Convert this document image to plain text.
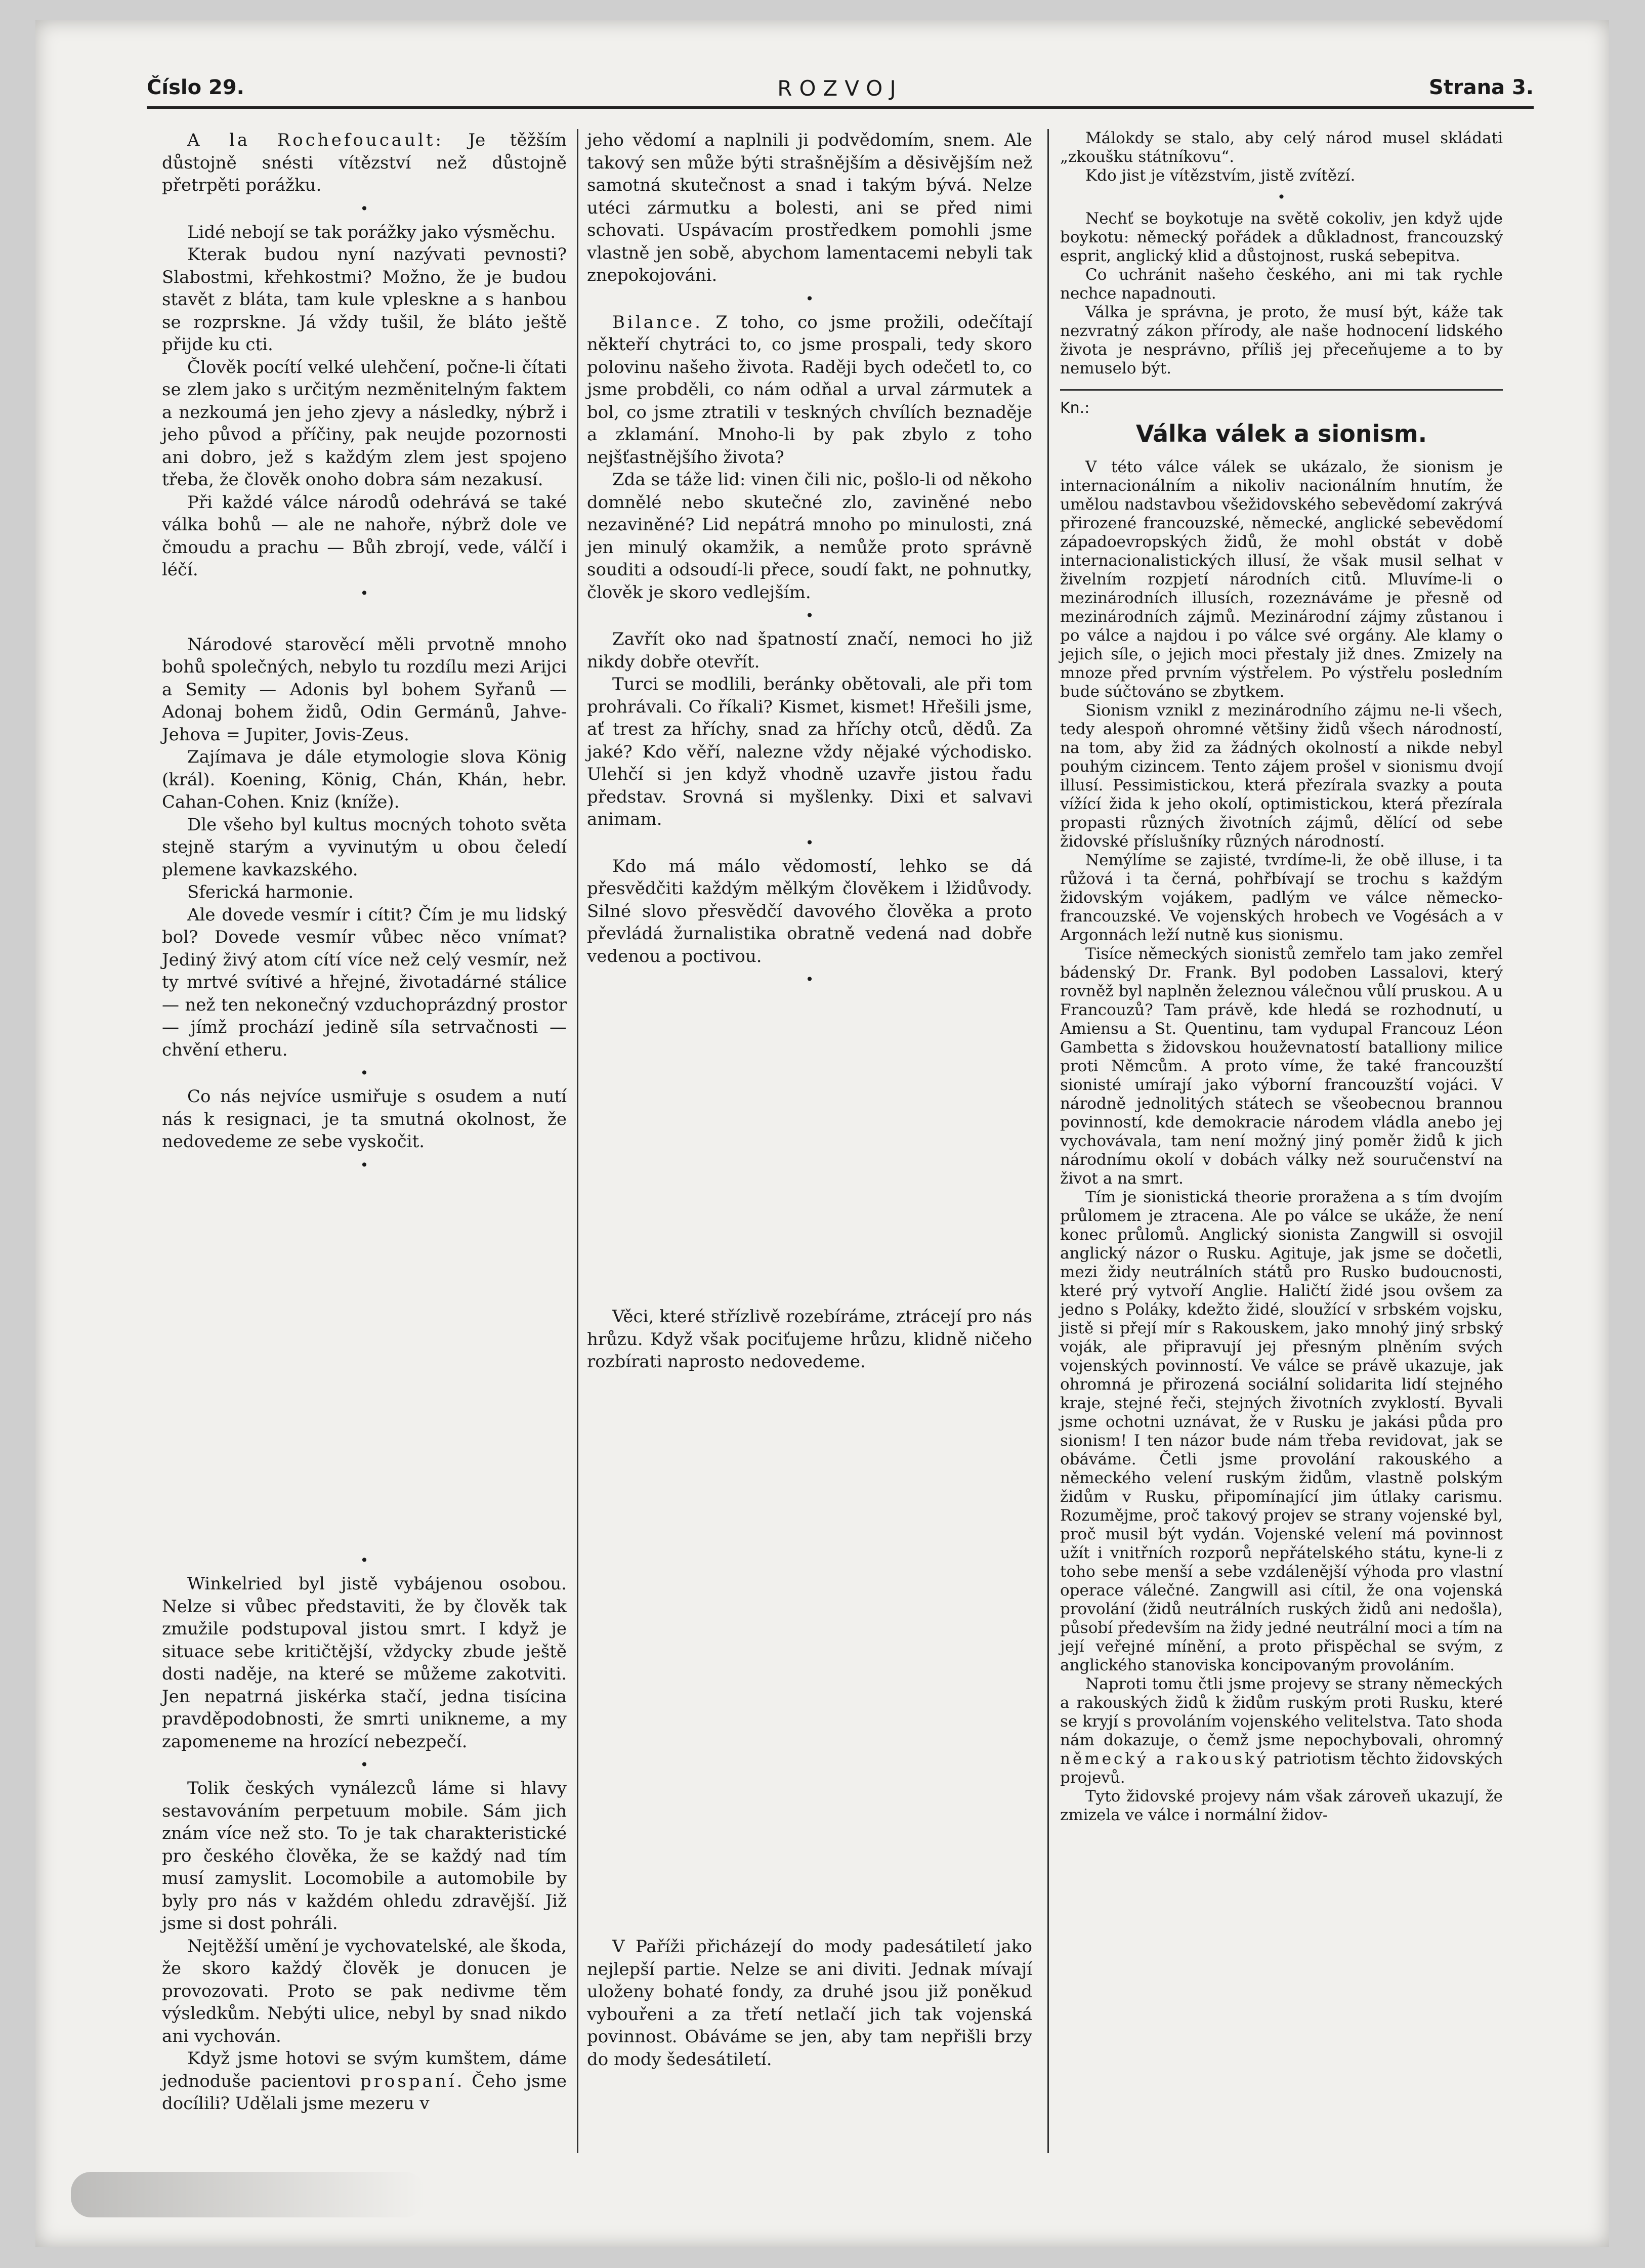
Číslo 29.	ROZVOJ	Strana 3.

A la Rochefoucault: Je těžším důstojně snésti vítězství než důstojně přetrpěti porážku.

•

Lidé nebojí se tak porážky jako výsměchu.

Kterak budou nyní nazývati pevnosti? Slabostmi, křehkostmi? Možno, že je budou stavět z bláta, tam kule vpleskne a s hanbou se rozprskne. Já vždy tušil, že bláto ještě přijde ku cti.

Člověk pocítí velké ulehčení, počne-li čítati se zlem jako s určitým nezměnitelným faktem a nezkoumá jen jeho zjevy a následky, nýbrž i jeho původ a příčiny, pak neujde pozornosti ani dobro, jež s každým zlem jest spojeno třeba, že člověk onoho dobra sám nezakusí.

Při každé válce národů odehrává se také válka bohů — ale ne nahoře, nýbrž dole ve čmoudu a prachu — Bůh zbrojí, vede, válčí i léčí.

•

Národové starověcí měli prvotně mnoho bohů společných, nebylo tu rozdílu mezi Arijci a Semity — Adonis byl bohem Syřanů — Adonaj bohem židů, Odin Germánů, Jahve-Jehova = Jupiter, Jovis-Zeus.

Zajímava je dále etymologie slova König (král). Koening, König, Chán, Khán, hebr. Cahan-Cohen. Kniz (kníže).

Dle všeho byl kultus mocných tohoto světa stejně starým a vyvinutým u obou čeledí plemene kavkazského.

Sferická harmonie.

Ale dovede vesmír i cítit? Čím je mu lidský bol? Dovede vesmír vůbec něco vnímat? Jediný živý atom cítí více než celý vesmír, než ty mrtvé svítivé a hřejné, životadárné stálice — než ten nekonečný vzduchoprázdný prostor — jímž prochází jedině síla setrvačnosti — chvění etheru.

•

Co nás nejvíce usmiřuje s osudem a nutí nás k resignaci, je ta smutná okolnost, že nedovedeme ze sebe vyskočit.

•
•

Winkelried byl jistě vybájenou osobou. Nelze si vůbec představiti, že by člověk tak zmužile podstupoval jistou smrt. I když je situace sebe kritičtější, vždycky zbude ještě dosti naděje, na které se můžeme zakotviti. Jen nepatrná jiskérka stačí, jedna tisícina pravděpodobnosti, že smrti unikneme, a my zapomeneme na hrozící nebezpečí.

•

Tolik českých vynálezců láme si hlavy sestavováním perpetuum mobile. Sám jich znám více než sto. To je tak charakteristické pro českého člověka, že se každý nad tím musí zamyslit. Locomobile a automobile by byly pro nás v každém ohledu zdravější. Již jsme si dost pohráli.

Nejtěžší umění je vychovatelské, ale škoda, že skoro každý člověk je donucen je provozovati. Proto se pak nedivme těm výsledkům. Nebýti ulice, nebyl by snad nikdo ani vychován.

Když jsme hotovi se svým kumštem, dáme jednoduše pacientovi prospaní. Čeho jsme docílili? Udělali jsme mezeru v

jeho vědomí a naplnili ji podvědomím, snem. Ale takový sen může býti strašnějším a děsivějším než samotná skutečnost a snad i takým bývá. Nelze utéci zármutku a bolesti, ani se před nimi schovati. Uspávacím prostředkem pomohli jsme vlastně jen sobě, abychom lamentacemi nebyli tak znepokojováni.

•

Bilance. Z toho, co jsme prožili, odečítají někteří chytráci to, co jsme prospali, tedy skoro polovinu našeho života. Raději bych odečetl to, co jsme probděli, co nám odňal a urval zármutek a bol, co jsme ztratili v teskných chvílích beznaděje a zklamání. Mnoho-li by pak zbylo z toho nejšťastnějšího života?

Zda se táže lid: vinen čili nic, pošlo-li od někoho domnělé nebo skutečné zlo, zaviněné nebo nezaviněné? Lid nepátrá mnoho po minulosti, zná jen minulý okamžik, a nemůže proto správně souditi a odsoudí-li přece, soudí fakt, ne pohnutky, člověk je skoro vedlejším.

•

Zavřít oko nad špatností značí, nemoci ho již nikdy dobře otevřít.

Turci se modlili, beránky obětovali, ale při tom prohrávali. Co říkali? Kismet, kismet! Hřešili jsme, ať trest za hříchy, snad za hříchy otců, dědů. Za jaké? Kdo věří, nalezne vždy nějaké východisko. Ulehčí si jen když vhodně uzavře jistou řadu představ. Srovná si myšlenky. Dixi et salvavi animam.

•

Kdo má málo vědomostí, lehko se dá přesvědčiti každým mělkým člověkem i lžidůvody. Silné slovo přesvědčí davového člověka a proto převládá žurnalistika obratně vedená nad dobře vedenou a poctivou.

•

Věci, které střízlivě rozebíráme, ztrácejí pro nás hrůzu. Když však pociťujeme hrůzu, klidně ničeho rozbírati naprosto nedovedeme.

V Paříži přicházejí do mody padesátiletí jako nejlepší partie. Nelze se ani diviti. Jednak mívají uloženy bohaté fondy, za druhé jsou již poněkud vybouřeni a za třetí netlačí jich tak vojenská povinnost. Obáváme se jen, aby tam nepřišli brzy do mody šedesátiletí.

Málokdy se stalo, aby celý národ musel skládati „zkoušku státníkovu“.

Kdo jist je vítězstvím, jistě zvítězí.

•

Nechť se boykotuje na světě cokoliv, jen když ujde boykotu: německý pořádek a důkladnost, francouzský esprit, anglický klid a důstojnost, ruská sebepitva.

Co uchránit našeho českého, ani mi tak rychle nechce napadnouti.

Válka je správna, je proto, že musí být, káže tak nezvratný zákon přírody, ale naše hodnocení lidského života je nesprávno, příliš jej přeceňujeme a to by nemuselo být.

Kn.:
Válka válek a sionism.

V této válce válek se ukázalo, že sionism je internacionálním a nikoliv nacionálním hnutím, že umělou nadstavbou všežidovského sebevědomí zakrývá přirozené francouzské, německé, anglické sebevědomí západoevropských židů, že mohl obstát v době internacionalistických illusí, že však musil selhat v živelním rozpjetí národních citů. Mluvíme-li o mezinárodních illusích, rozeznáváme je přesně od mezinárodních zájmů. Mezinárodní zájmy zůstanou i po válce a najdou i po válce své orgány. Ale klamy o jejich síle, o jejich moci přestaly již dnes. Zmizely na mnoze před prvním výstřelem. Po výstřelu posledním bude súčtováno se zbytkem.

Sionism vznikl z mezinárodního zájmu ne-li všech, tedy alespoň ohromné většiny židů všech národností, na tom, aby žid za žádných okolností a nikde nebyl pouhým cizincem. Tento zájem prošel v sionismu dvojí illusí. Pessimistickou, která přezírala svazky a pouta vížící žida k jeho okolí, optimistickou, která přezírala propasti různých životních zájmů, dělící od sebe židovské příslušníky různých národností.

Nemýlíme se zajisté, tvrdíme-li, že obě illuse, i ta růžová i ta černá, pohřbívají se trochu s každým židovským vojákem, padlým ve válce německo-francouzské. Ve vojenských hrobech ve Vogésách a v Argonnách leží nutně kus sionismu.

Tisíce německých sionistů zemřelo tam jako zemřel bádenský Dr. Frank. Byl podoben Lassalovi, který rovněž byl naplněn železnou válečnou vůlí pruskou. A u Francouzů? Tam právě, kde hledá se rozhodnutí, u Amiensu a St. Quentinu, tam vydupal Francouz Léon Gambetta s židovskou houževnatostí batalliony milice proti Němcům. A proto víme, že také francouzští sionisté umírají jako výborní francouzští vojáci. V národně jednolitých státech se všeobecnou brannou povinností, kde demokracie národem vládla anebo jej vychovávala, tam není možný jiný poměr židů k jich národnímu okolí v dobách války než souručenství na život a na smrt.

Tím je sionistická theorie proražena a s tím dvojím průlomem je ztracena. Ale po válce se ukáže, že není konec průlomů. Anglický sionista Zangwill si osvojil anglický názor o Rusku. Agituje, jak jsme se dočetli, mezi židy neutrálních států pro Rusko budoucnosti, které prý vytvoří Anglie. Haličtí židé jsou ovšem za jedno s Poláky, kdežto židé, sloužící v srbském vojsku, jistě si přejí mír s Rakouskem, jako mnohý jiný srbský voják, ale připravují jej přesným plněním svých vojenských povinností. Ve válce se právě ukazuje, jak ohromná je přirozená sociální solidarita lidí stejného kraje, stejné řeči, stejných životních zvyklostí. Byvali jsme ochotni uznávat, že v Rusku je jakási půda pro sionism! I ten názor bude nám třeba revidovat, jak se obáváme. Četli jsme provolání rakouského a německého velení ruským židům, vlastně polským židům v Rusku, připomínající jim útlaky carismu. Rozumějme, proč takový projev se strany vojenské byl, proč musil být vydán. Vojenské velení má povinnost užít i vnitřních rozporů nepřátelského státu, kyne-li z toho sebe menší a sebe vzdálenější výhoda pro vlastní operace válečné. Zangwill asi cítil, že ona vojenská provolání (židů neutrálních ruských židů ani nedošla), působí především na židy jedné neutrální moci a tím na její veřejné mínění, a proto přispěchal se svým, z anglického stanoviska koncipovaným provoláním.

Naproti tomu čtli jsme projevy se strany německých a rakouských židů k židům ruským proti Rusku, které se kryjí s provoláním vojenského velitelstva. Tato shoda nám dokazuje, o čemž jsme nepochybovali, ohromný německý a rakouský patriotism těchto židovských projevů.

Tyto židovské projevy nám však zároveň ukazují, že zmizela ve válce i normální židov-
